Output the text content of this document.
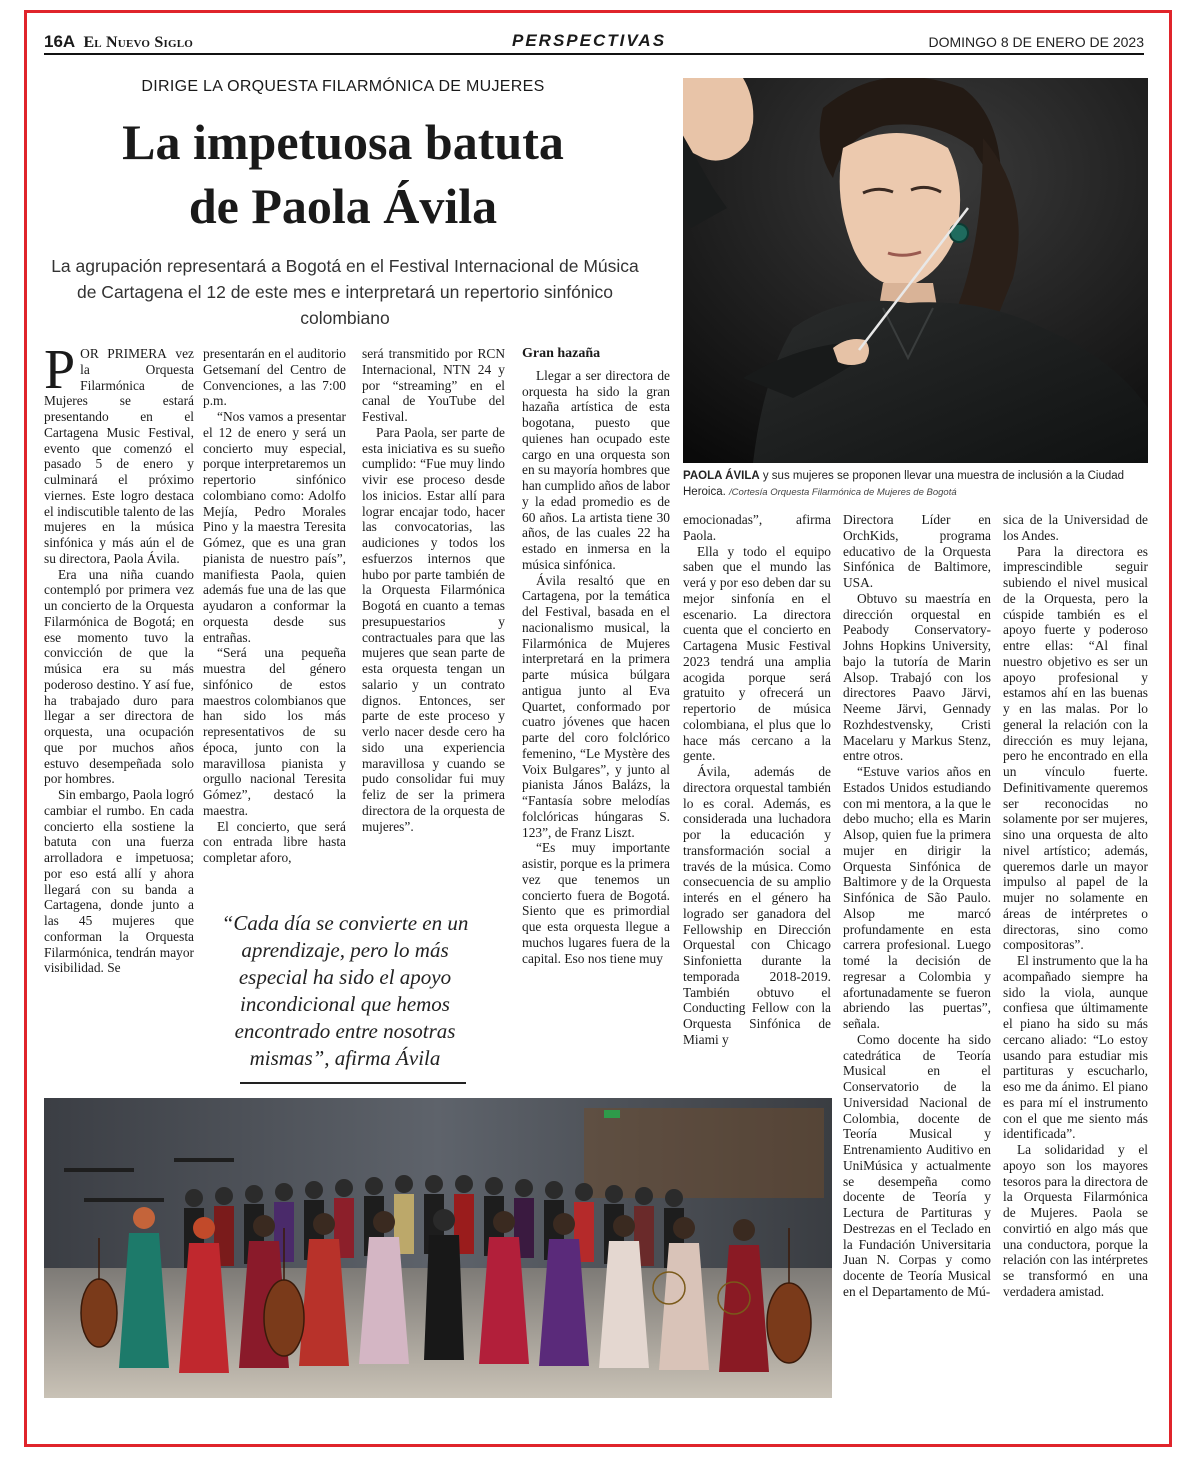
16A El Nuevo Siglo	PERSPECTIVAS	DOMINGO 8 DE ENERO DE 2023
DIRIGE LA ORQUESTA FILARMÓNICA DE MUJERES
La impetuosa batuta
de Paola Ávila
La agrupación representará a Bogotá en el Festival Internacional de Música de Cartagena el 12 de este mes e interpretará un repertorio sinfónico colombiano
PAOLA ÁVILA y sus mujeres se proponen llevar una muestra de inclusión a la Ciudad Heroica. /Cortesía Orquesta Filarmónica de Mujeres de Bogotá

POR PRIMERA vez la Orquesta Filarmónica de Mujeres se estará presentando en el Cartagena Music Festival, evento que comenzó el pasado 5 de enero y culminará el próximo viernes. Este logro destaca el indiscutible talento de las mujeres en la música sinfónica y más aún el de su directora, Paola Ávila.

Era una niña cuando contempló por primera vez un concierto de la Orquesta Filarmónica de Bogotá; en ese momento tuvo la convicción de que la música era su más poderoso destino. Y así fue, ha trabajado duro para llegar a ser directora de orquesta, una ocupación que por muchos años estuvo desempeñada solo por hombres.

Sin embargo, Paola logró cambiar el rumbo. En cada concierto ella sostiene la batuta con una fuerza arrolladora e impetuosa; por eso está allí y ahora llegará con su banda a Cartagena, donde junto a las 45 mujeres que conforman la Orquesta Filarmónica, tendrán mayor visibilidad. Se

presentarán en el auditorio Getsemaní del Centro de Convenciones, a las 7:00 p.m.

“Nos vamos a presentar el 12 de enero y será un concierto muy especial, porque interpretaremos un repertorio sinfónico colombiano como: Adolfo Mejía, Pedro Morales Pino y la maestra Teresita Gómez, que es una gran pianista de nuestro país”, manifiesta Paola, quien además fue una de las que ayudaron a conformar la orquesta desde sus entrañas.

“Será una pequeña muestra del género sinfónico de estos maestros colombianos que han sido los más representativos de su época, junto con la maravillosa pianista y orgullo nacional Teresita Gómez”, destacó la maestra.

El concierto, que será con entrada libre hasta completar aforo,

será transmitido por RCN Internacional, NTN 24 y por “streaming” en el canal de YouTube del Festival.

Para Paola, ser parte de esta iniciativa es su sueño cumplido: “Fue muy lindo vivir ese proceso desde los inicios. Estar allí para lograr encajar todo, hacer las convocatorias, las audiciones y todos los esfuerzos internos que hubo por parte también de la Orquesta Filarmónica Bogotá en cuanto a temas presupuestarios y contractuales para que las mujeres que sean parte de esta orquesta tengan un salario y un contrato dignos. Entonces, ser parte de este proceso y verlo nacer desde cero ha sido una experiencia maravillosa y cuando se pudo consolidar fui muy feliz de ser la primera directora de la orquesta de mujeres”.

Gran hazaña

Llegar a ser directora de orquesta ha sido la gran hazaña artística de esta bogotana, puesto que quienes han ocupado este cargo en una orquesta son en su mayoría hombres que han cumplido años de labor y la edad promedio es de 60 años. La artista tiene 30 años, de las cuales 22 ha estado en inmersa en la música sinfónica.

Ávila resaltó que en Cartagena, por la temática del Festival, basada en el nacionalismo musical, la Filarmónica de Mujeres interpretará en la primera parte música búlgara antigua junto al Eva Quartet, conformado por cuatro jóvenes que hacen parte del coro folclórico femenino, “Le Mystère des Voix Bulgares”, y junto al pianista János Balázs, la “Fantasía sobre melodías folclóricas húngaras S. 123”, de Franz Liszt.

“Es muy importante asistir, porque es la primera vez que tenemos un concierto fuera de Bogotá. Siento que es primordial que esta orquesta llegue a muchos lugares fuera de la capital. Eso nos tiene muy

emocionadas”, afirma Paola.

Ella y todo el equipo saben que el mundo las verá y por eso deben dar su mejor sinfonía en el escenario. La directora cuenta que el concierto en Cartagena Music Festival 2023 tendrá una amplia acogida porque será gratuito y ofrecerá un repertorio de música colombiana, el plus que lo hace más cercano a la gente.

Ávila, además de directora orquestal también lo es coral. Además, es considerada una luchadora por la educación y transformación social a través de la música. Como consecuencia de su amplio interés en el género ha logrado ser ganadora del Fellowship en Dirección Orquestal con Chicago Sinfonietta durante la temporada 2018-2019. También obtuvo el Conducting Fellow con la Orquesta Sinfónica de Miami y

Directora Líder en OrchKids, programa educativo de la Orquesta Sinfónica de Baltimore, USA.

Obtuvo su maestría en dirección orquestal en Peabody Conservatory-Johns Hopkins University, bajo la tutoría de Marin Alsop. Trabajó con los directores Paavo Järvi, Neeme Järvi, Gennady Rozhdestvensky, Cristi Macelaru y Markus Stenz, entre otros.

“Estuve varios años en Estados Unidos estudiando con mi mentora, a la que le debo mucho; ella es Marin Alsop, quien fue la primera mujer en dirigir la Orquesta Sinfónica de Baltimore y de la Orquesta Sinfónica de São Paulo. Alsop me marcó profundamente en esta carrera profesional. Luego tomé la decisión de regresar a Colombia y afortunadamente se fueron abriendo las puertas”, señala.

Como docente ha sido catedrática de Teoría Musical en el Conservatorio de la Universidad Nacional de Colombia, docente de Teoría Musical y Entrenamiento Auditivo en UniMúsica y actualmente se desempeña como docente de Teoría y Lectura de Partituras y Destrezas en el Teclado en la Fundación Universitaria Juan N. Corpas y como docente de Teoría Musical en el Departamento de Mú-

sica de la Universidad de los Andes.

Para la directora es imprescindible seguir subiendo el nivel musical de la Orquesta, pero la cúspide también es el apoyo fuerte y poderoso entre ellas: “Al final nuestro objetivo es ser un apoyo profesional y estamos ahí en las buenas y en las malas. Por lo general la relación con la dirección es muy lejana, pero he encontrado en ella un vínculo fuerte. Definitivamente queremos ser reconocidas no solamente por ser mujeres, sino una orquesta de alto nivel artístico; además, queremos darle un mayor impulso al papel de la mujer no solamente en áreas de intérpretes o directoras, sino como compositoras”.

El instrumento que la ha acompañado siempre ha sido la viola, aunque confiesa que últimamente el piano ha sido su más cercano aliado: “Lo estoy usando para estudiar mis partituras y escucharlo, eso me da ánimo. El piano es para mí el instrumento con el que me siento más identificada”.

La solidaridad y el apoyo son los mayores tesoros para la directora de la Orquesta Filarmónica de Mujeres. Paola se convirtió en algo más que una conductora, porque la relación con las intérpretes se transformó en una verdadera amistad.

“Cada día se convierte en un aprendizaje, pero lo más especial ha sido el apoyo incondicional que hemos encontrado entre nosotras mismas”, afirma Ávila
